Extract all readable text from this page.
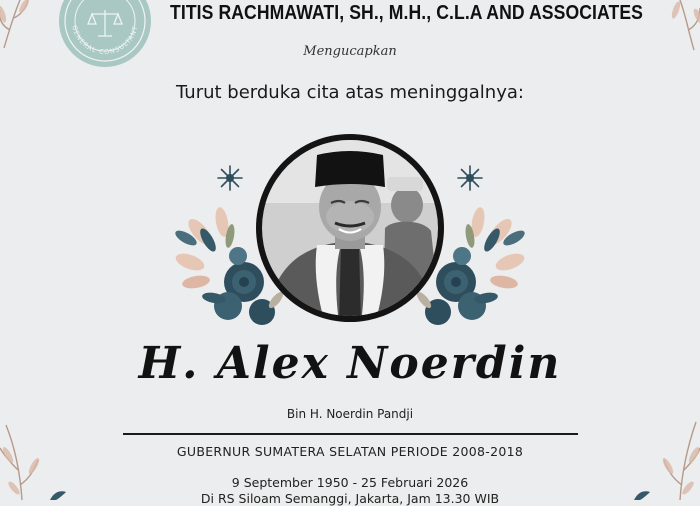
GENERAL CONSULTANT
TITIS RACHMAWATI, SH., M.H., C.L.A AND ASSOCIATES
Mengucapkan
Turut berduka cita atas meninggalnya:
H. Alex Noerdin
Bin H. Noerdin Pandji
GUBERNUR SUMATERA SELATAN PERIODE 2008-2018
9 September 1950 - 25 Februari 2026
Di RS Siloam Semanggi, Jakarta, Jam 13.30 WIB
